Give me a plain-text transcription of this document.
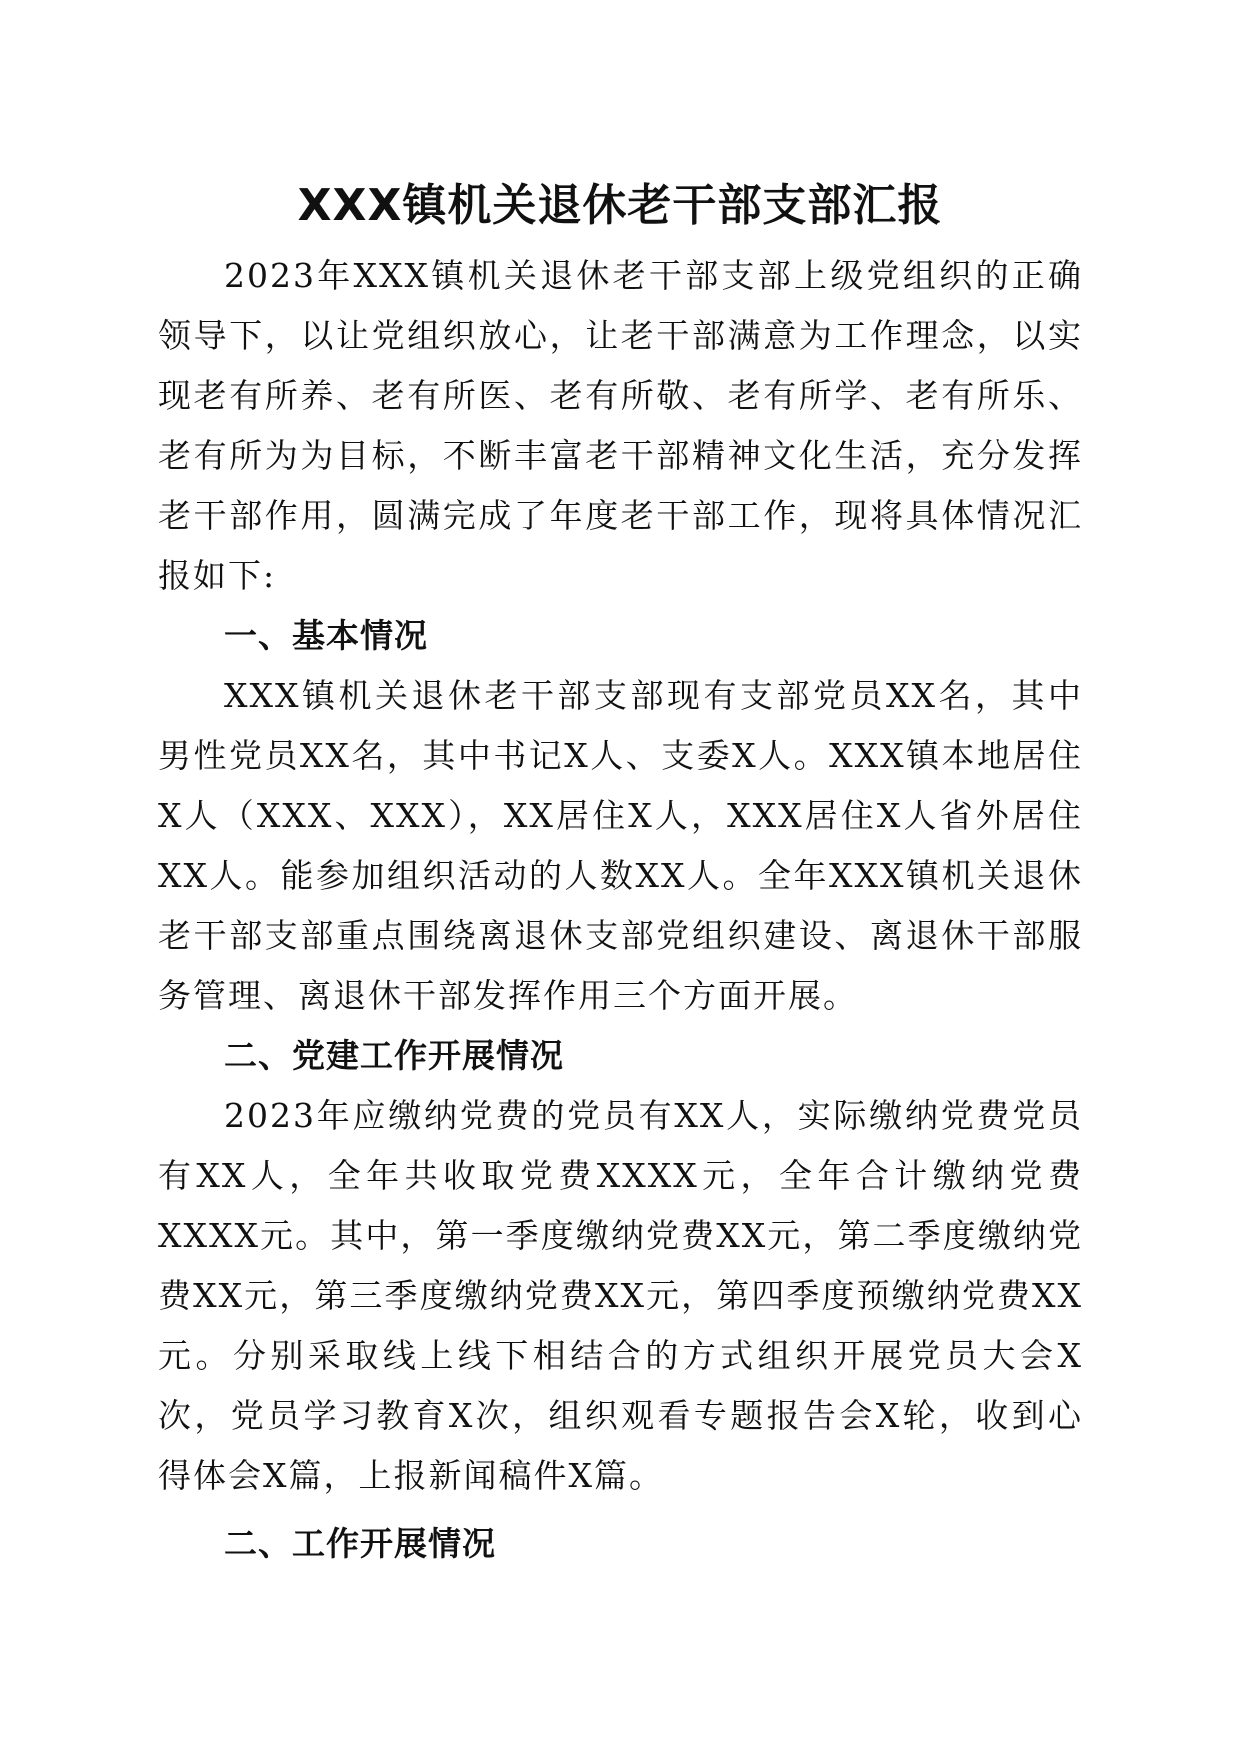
XXX镇机关退休老干部支部汇报

2023年XXX镇机关退休老干部支部上级党组织的正确领导下，以让党组织放心，让老干部满意为工作理念，以实现老有所养、老有所医、老有所敬、老有所学、老有所乐、老有所为为目标，不断丰富老干部精神文化生活，充分发挥老干部作用，圆满完成了年度老干部工作，现将具体情况汇报如下:

一、基本情况

XXX镇机关退休老干部支部现有支部党员XX名，其中男性党员XX名，其中书记X人、支委X人。XXX镇本地居住X人（XXX、XXX），XX居住X人，XXX居住X人省外居住XX人。能参加组织活动的人数XX人。全年XXX镇机关退休老干部支部重点围绕离退休支部党组织建设、离退休干部服务管理、离退休干部发挥作用三个方面开展。

二、党建工作开展情况

2023年应缴纳党费的党员有XX人，实际缴纳党费党员有XX人，全年共收取党费XXXX元，全年合计缴纳党费XXXX元。其中，第一季度缴纳党费XX元，第二季度缴纳党费XX元，第三季度缴纳党费XX元，第四季度预缴纳党费XX元。分别采取线上线下相结合的方式组织开展党员大会X次，党员学习教育X次，组织观看专题报告会X轮，收到心得体会X篇，上报新闻稿件X篇。

二、工作开展情况
